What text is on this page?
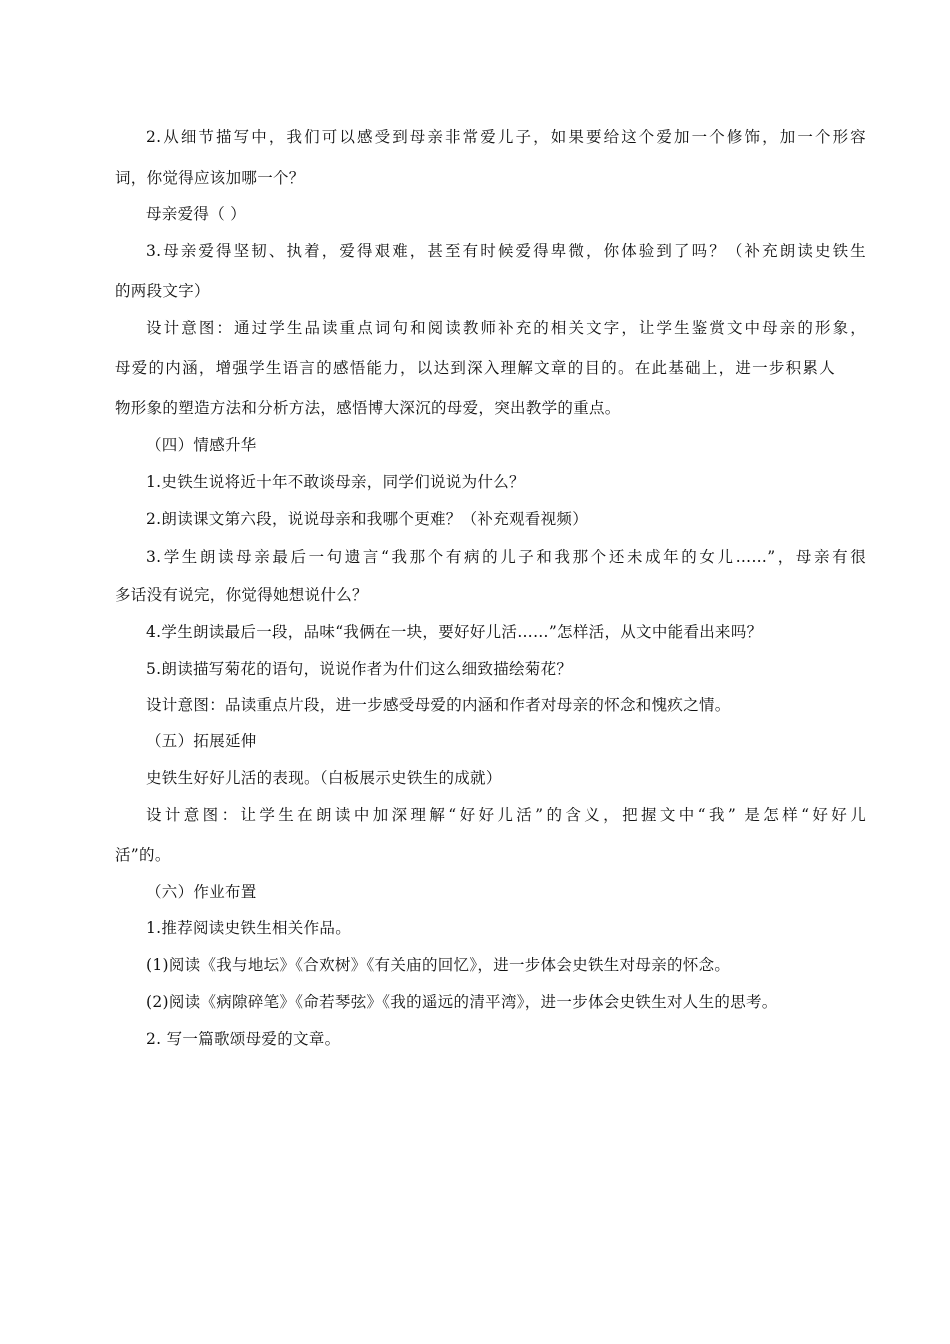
2.从细节描写中，我们可以感受到母亲非常爱儿子，如果要给这个爱加一个修饰，加一个形容
词，你觉得应该加哪一个？
母亲爱得（ ）
3.母亲爱得坚韧、执着，爱得艰难，甚至有时候爱得卑微，你体验到了吗？（补充朗读史铁生
的两段文字）
设计意图：通过学生品读重点词句和阅读教师补充的相关文字，让学生鉴赏文中母亲的形象，
母爱的内涵，增强学生语言的感悟能力，以达到深入理解文章的目的。在此基础上，进一步积累人
物形象的塑造方法和分析方法，感悟博大深沉的母爱，突出教学的重点。
（四）情感升华
1.史铁生说将近十年不敢谈母亲，同学们说说为什么？
2.朗读课文第六段，说说母亲和我哪个更难？（补充观看视频）
3.学生朗读母亲最后一句遗言“我那个有病的儿子和我那个还未成年的女儿……”，母亲有很
多话没有说完，你觉得她想说什么？
4.学生朗读最后一段，品味“我俩在一块，要好好儿活……”怎样活，从文中能看出来吗？
5.朗读描写菊花的语句，说说作者为什们这么细致描绘菊花？
设计意图：品读重点片段，进一步感受母爱的内涵和作者对母亲的怀念和愧疚之情。
（五）拓展延伸
史铁生好好儿活的表现。（白板展示史铁生的成就）
设计意图：让学生在朗读中加深理解“好好儿活”的含义，把握文中“我” 是怎样“好好儿
活”的。
（六）作业布置
1.推荐阅读史铁生相关作品。
(1)阅读《我与地坛》《合欢树》《有关庙的回忆》，进一步体会史铁生对母亲的怀念。
(2)阅读《病隙碎笔》《命若琴弦》《我的遥远的清平湾》，进一步体会史铁生对人生的思考。
2. 写一篇歌颂母爱的文章。
